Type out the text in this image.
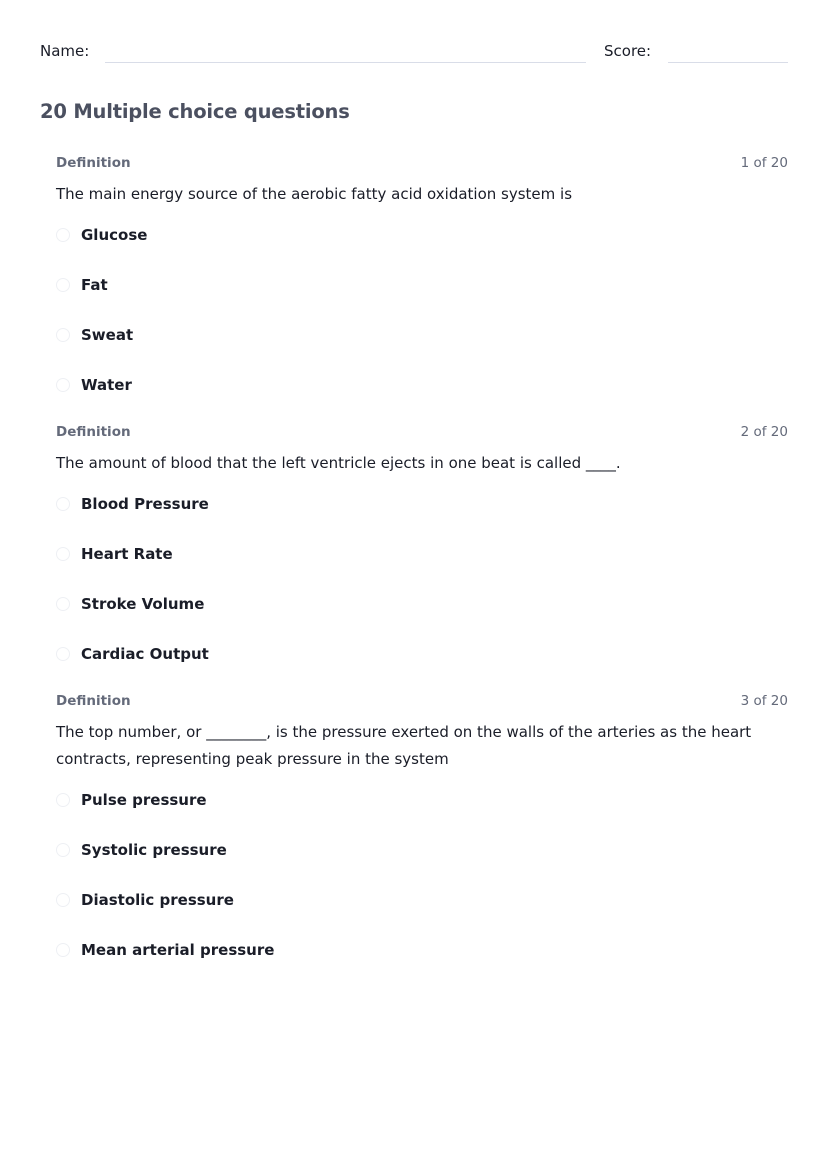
Name:	Score:
20 Multiple choice questions
Definition	1 of 20
The main energy source of the aerobic fatty acid oxidation system is
Glucose
Fat
Sweat
Water
Definition	2 of 20
The amount of blood that the left ventricle ejects in one beat is called ____.
Blood Pressure
Heart Rate
Stroke Volume
Cardiac Output
Definition	3 of 20
The top number, or ________, is the pressure exerted on the walls of the arteries as the heart contracts, representing peak pressure in the system
Pulse pressure
Systolic pressure
Diastolic pressure
Mean arterial pressure
